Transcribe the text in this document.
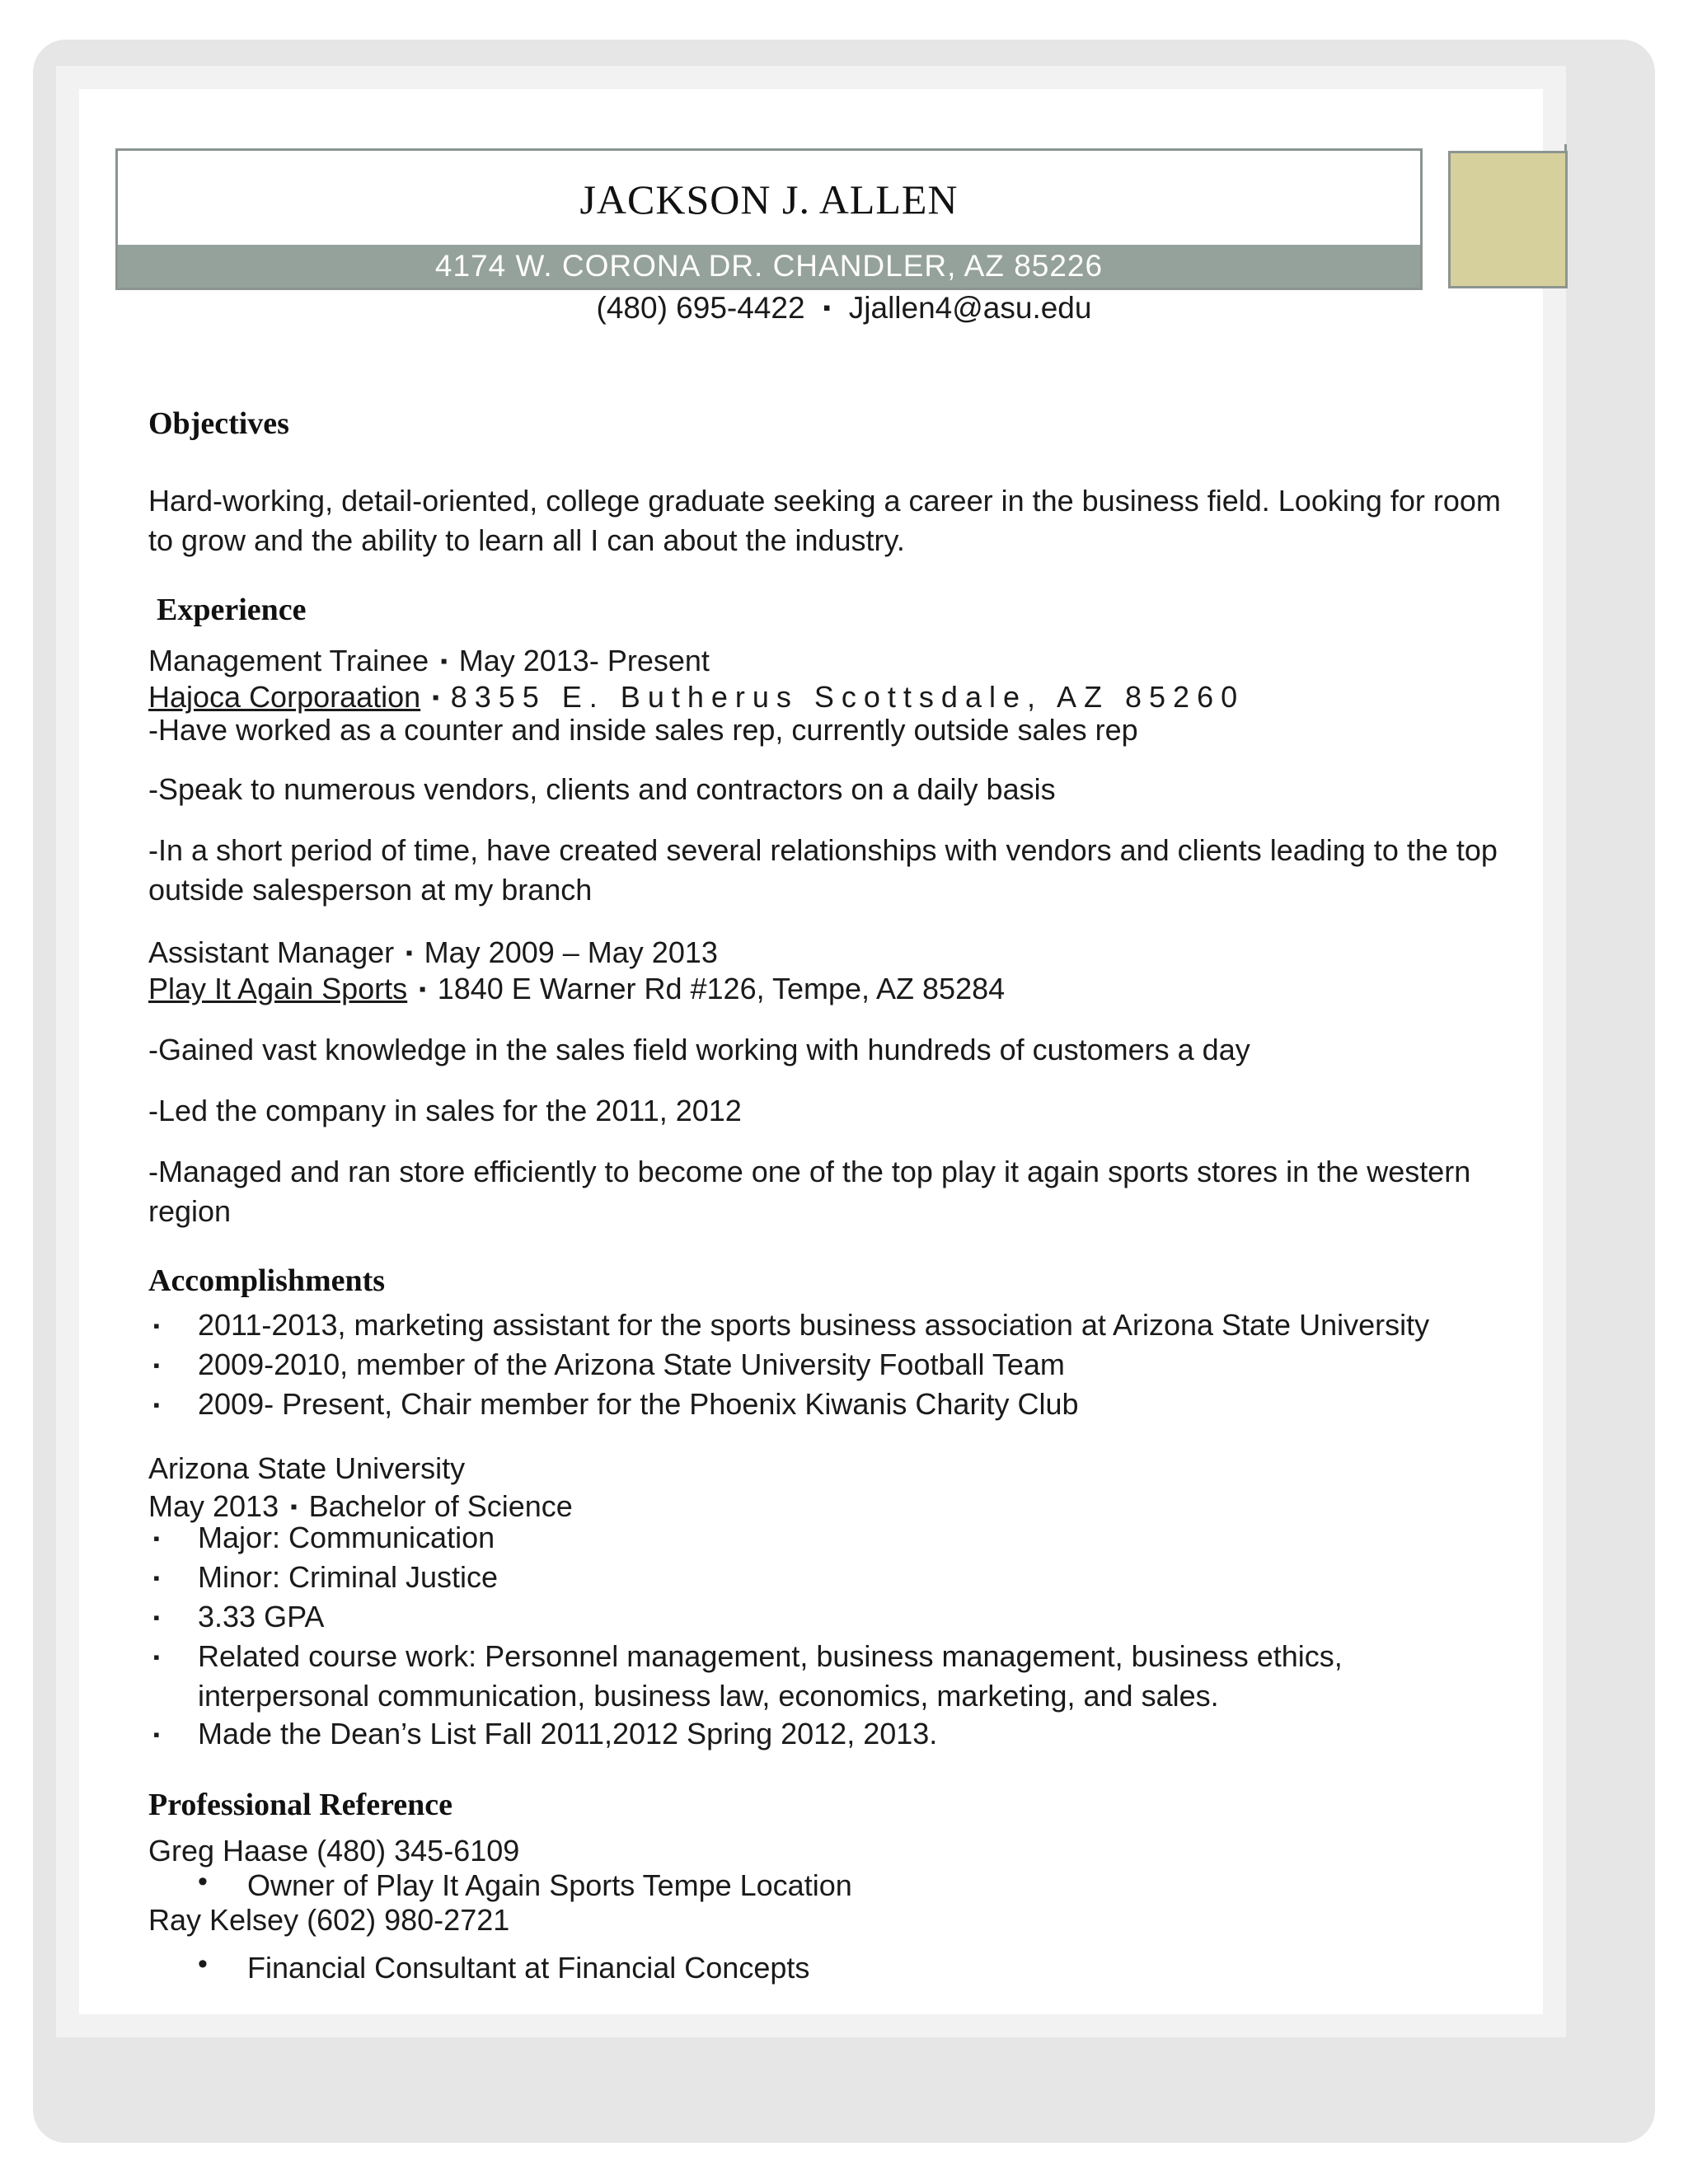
JACKSON J. ALLEN
4174 W. CORONA DR. CHANDLER, AZ 85226
(480) 695-4422 ▪ Jjallen4@asu.edu
Objectives
Hard-working, detail-oriented, college graduate seeking a career in the business field. Looking for room to grow and the ability to learn all I can about the industry.
Experience
Management Trainee ▪ May 2013- Present
Hajoca Corporaation ▪ 8355 E. Butherus Scottsdale, AZ 85260
-Have worked as a counter and inside sales rep, currently outside sales rep
-Speak to numerous vendors, clients and contractors on a daily basis
-In a short period of time, have created several relationships with vendors and clients leading to the top outside salesperson at my branch
Assistant Manager ▪ May 2009 – May 2013
Play It Again Sports ▪ 1840 E Warner Rd #126, Tempe, AZ 85284
-Gained vast knowledge in the sales field working with hundreds of customers a day
-Led the company in sales for the 2011, 2012
-Managed and ran store efficiently to become one of the top play it again sports stores in the western region
Accomplishments
▪ 2011-2013, marketing assistant for the sports business association at Arizona State University
▪ 2009-2010, member of the Arizona State University Football Team
▪ 2009- Present, Chair member for the Phoenix Kiwanis Charity Club
Arizona State University
May 2013 ▪ Bachelor of Science
▪ Major: Communication
▪ Minor: Criminal Justice
▪ 3.33 GPA
▪ Related course work: Personnel management, business management, business ethics, interpersonal communication, business law, economics, marketing, and sales.
▪ Made the Dean’s List Fall 2011,2012 Spring 2012, 2013.
Professional Reference
Greg Haase (480) 345-6109
• Owner of Play It Again Sports Tempe Location
Ray Kelsey (602) 980-2721
• Financial Consultant at Financial Concepts
